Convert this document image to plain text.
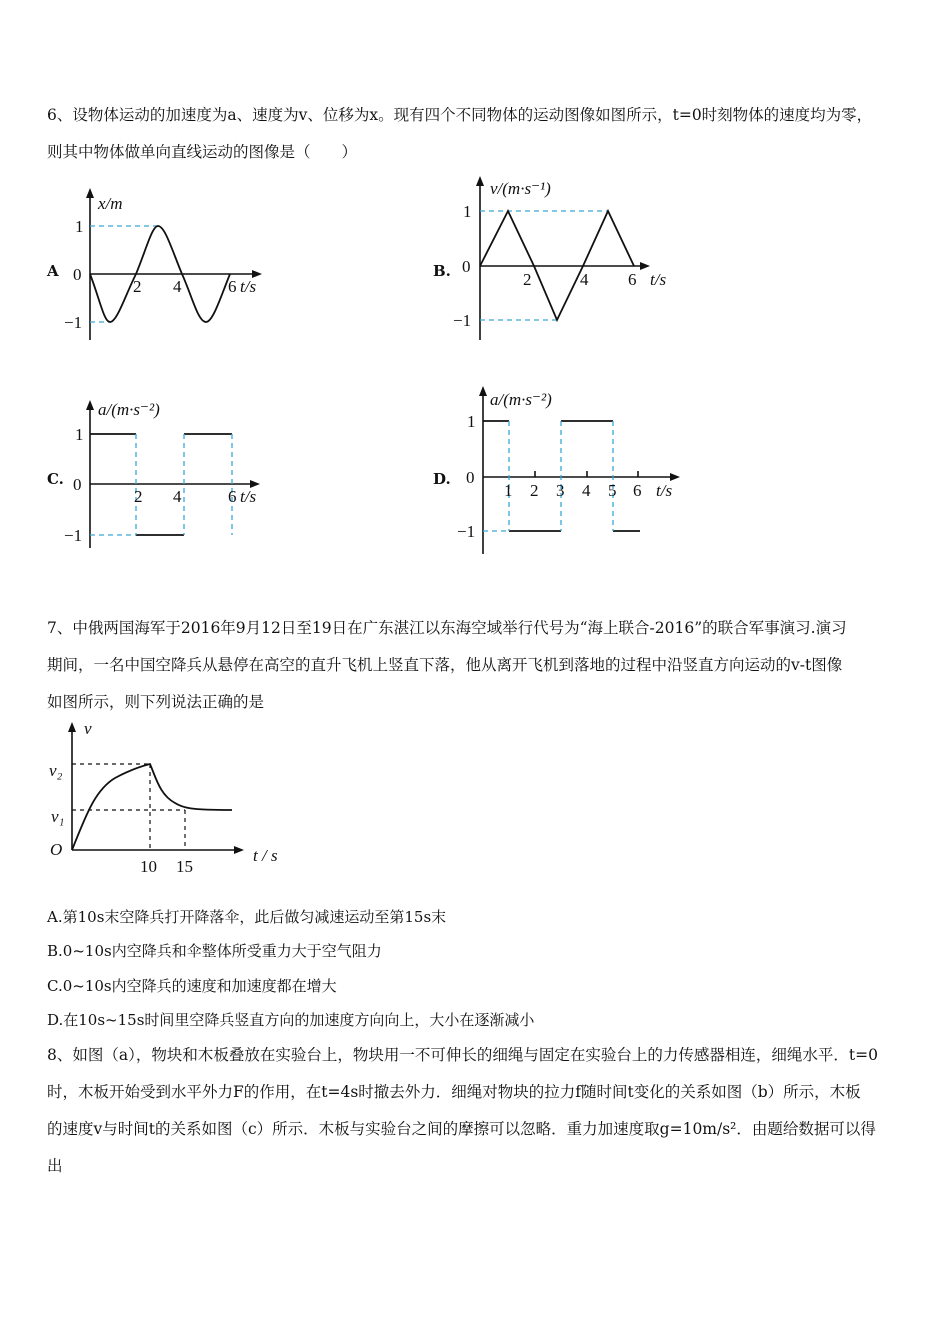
6、设物体运动的加速度为a、速度为v、位移为x。现有四个不同物体的运动图像如图所示，t=0时刻物体的速度均为零，
则其中物体做单向直线运动的图像是（　　）
A
x/m
1
0
−1
2 4	6 t/s
B.
v/(m·s⁻¹)
1
0
−1
2	4 6 t/s
C.
a/(m·s⁻²)
1
0
−1
2 4	6 t/s
D.
a/(m·s⁻²)
1
0
−1
1 2 3 4 5 6 t/s
7、中俄两国海军于2016年9月12日至19日在广东湛江以东海空域举行代号为“海上联合-2016”的联合军事演习.演习
期间，一名中国空降兵从悬停在高空的直升飞机上竖直下落，他从离开飞机到落地的过程中沿竖直方向运动的v-t图像
如图所示，则下列说法正确的是
v
v₂
v₁
O
10 15
t / s
A.第10s末空降兵打开降落伞，此后做匀减速运动至第15s末
B.0~10s内空降兵和伞整体所受重力大于空气阻力
C.0~10s内空降兵的速度和加速度都在增大
D.在10s~15s时间里空降兵竖直方向的加速度方向向上，大小在逐渐减小
8、如图（a），物块和木板叠放在实验台上，物块用一不可伸长的细绳与固定在实验台上的力传感器相连，细绳水平．t=0
时，木板开始受到水平外力F的作用，在t=4s时撤去外力．细绳对物块的拉力f随时间t变化的关系如图（b）所示，木板
的速度v与时间t的关系如图（c）所示．木板与实验台之间的摩擦可以忽略．重力加速度取g=10m/s²．由题给数据可以得
出
